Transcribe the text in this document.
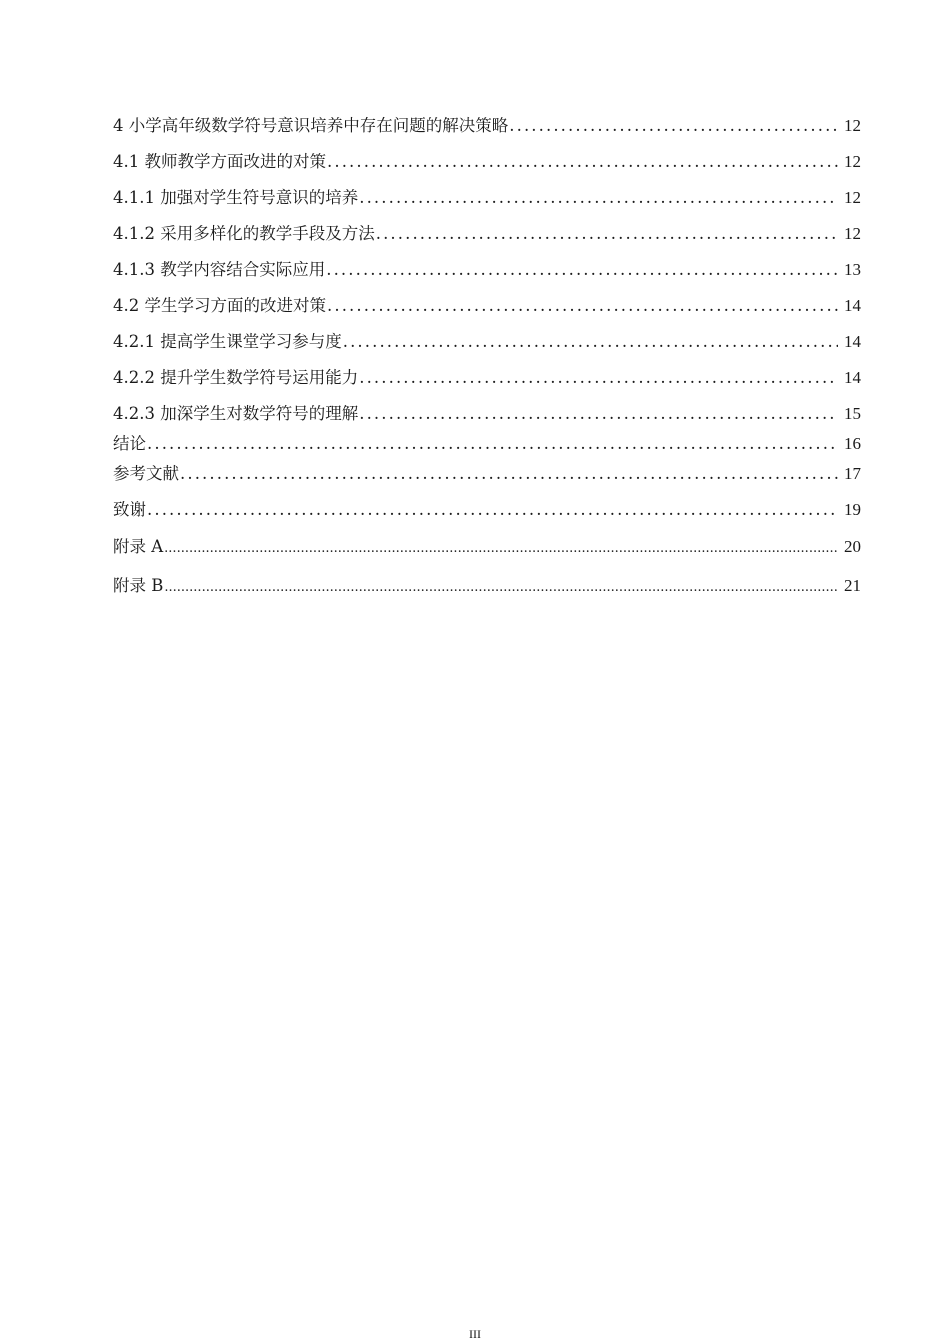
4 小学高年级数学符号意识培养中存在问题的解决策略 .....	12
4.1 教师教学方面改进的对策 .....	12
4.1.1 加强对学生符号意识的培养 .....	12
4.1.2 采用多样化的教学手段及方法 .....	12
4.1.3 教学内容结合实际应用 .....	13
4.2 学生学习方面的改进对策 .....	14
4.2.1 提高学生课堂学习参与度 .....	14
4.2.2 提升学生数学符号运用能力 .....	14
4.2.3 加深学生对数学符号的理解 .....	15
结论 .....	16
参考文献 .....	17
致谢 .....	19
附录 A .....	20
附录 B .....	21
III
